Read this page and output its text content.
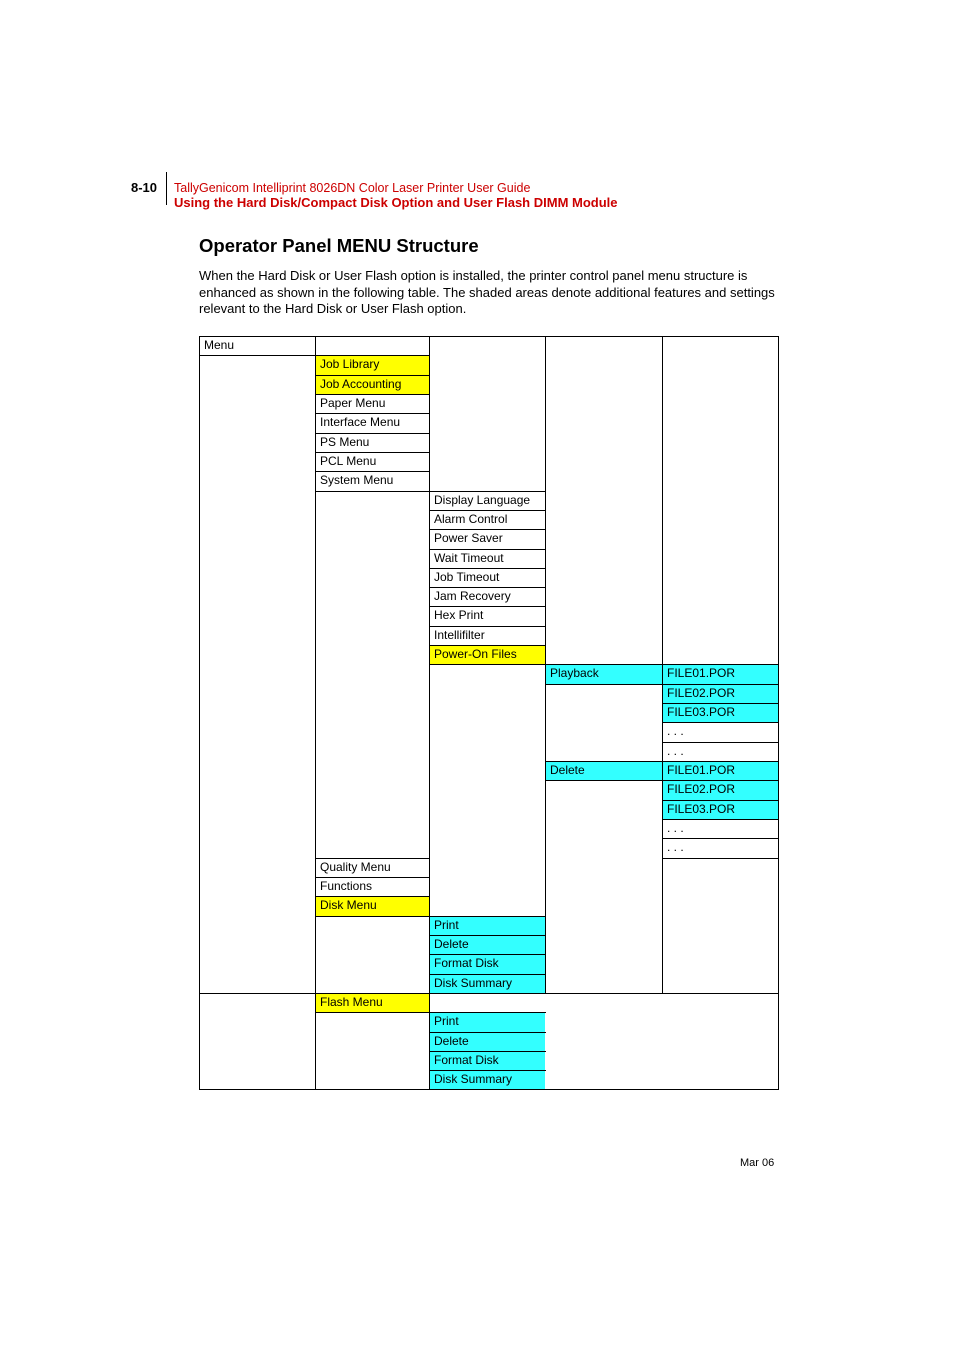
8-10 TallyGenicom Intelliprint 8026DN Color Laser Printer User Guide
Using the Hard Disk/Compact Disk Option and User Flash DIMM Module
Operator Panel MENU Structure
When the Hard Disk or User Flash option is installed, the printer control panel menu structure is enhanced as shown in the following table. The shaded areas denote additional features and settings relevant to the Hard Disk or User Flash option.
Menu
Job Library
Job Accounting
Paper Menu
Interface Menu
PS Menu
PCL Menu
System Menu
Quality Menu
Functions
Disk Menu
Flash Menu
Display Language
Alarm Control
Power Saver
Wait Timeout
Job Timeout
Jam Recovery
Hex Print
Intellifilter
Power-On Files
Playback
Delete
FILE01.POR
FILE02.POR
FILE03.POR
. . .
. . .
FILE01.POR
FILE02.POR
FILE03.POR
. . .
. . .
Print
Delete
Format Disk
Disk Summary
Print
Delete
Format Disk
Disk Summary
Mar 06
